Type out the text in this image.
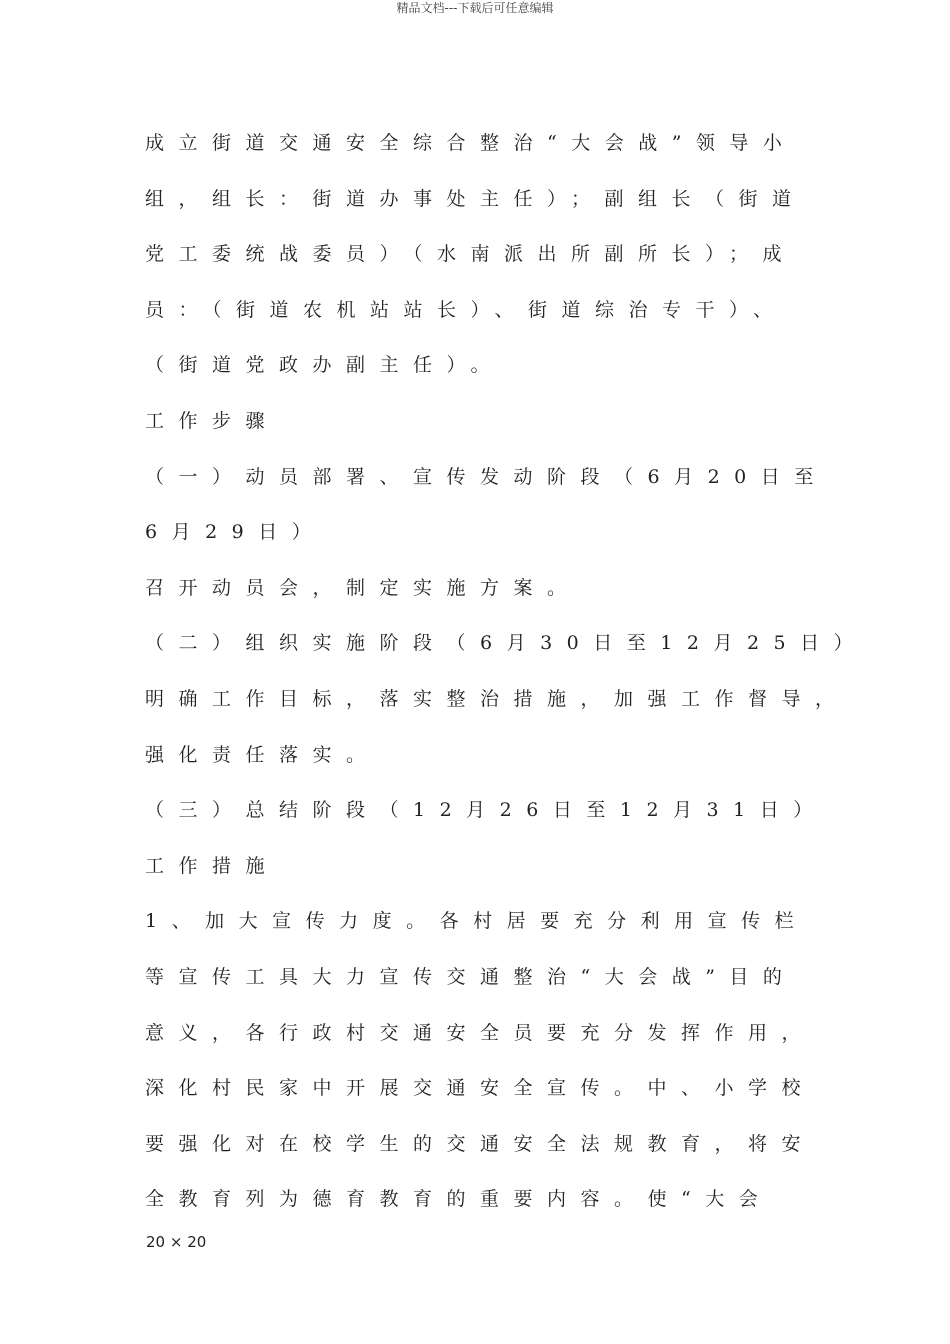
精品文档---下载后可任意编辑
成立街道交通安全综合整治“大会战”领导小
组，组长：街道办事处主任）；副组长（街道
党工委统战委员）（水南派出所副所长）；成
员：（街道农机站站长）、街道综治专干）、
（街道党政办副主任）。
工作步骤
（一）动员部署、宣传发动阶段（6月20日至
6月29日）
召开动员会，制定实施方案。
（二）组织实施阶段（6月30日至12月25日）
明确工作目标，落实整治措施，加强工作督导，
强化责任落实。
（三）总结阶段（12月26日至12月31日）
工作措施
1、加大宣传力度。各村居要充分利用宣传栏
等宣传工具大力宣传交通整治“大会战”目的
意义，各行政村交通安全员要充分发挥作用，
深化村民家中开展交通安全宣传。中、小学校
要强化对在校学生的交通安全法规教育，将安
全教育列为德育教育的重要内容。使“大会
20 × 20
